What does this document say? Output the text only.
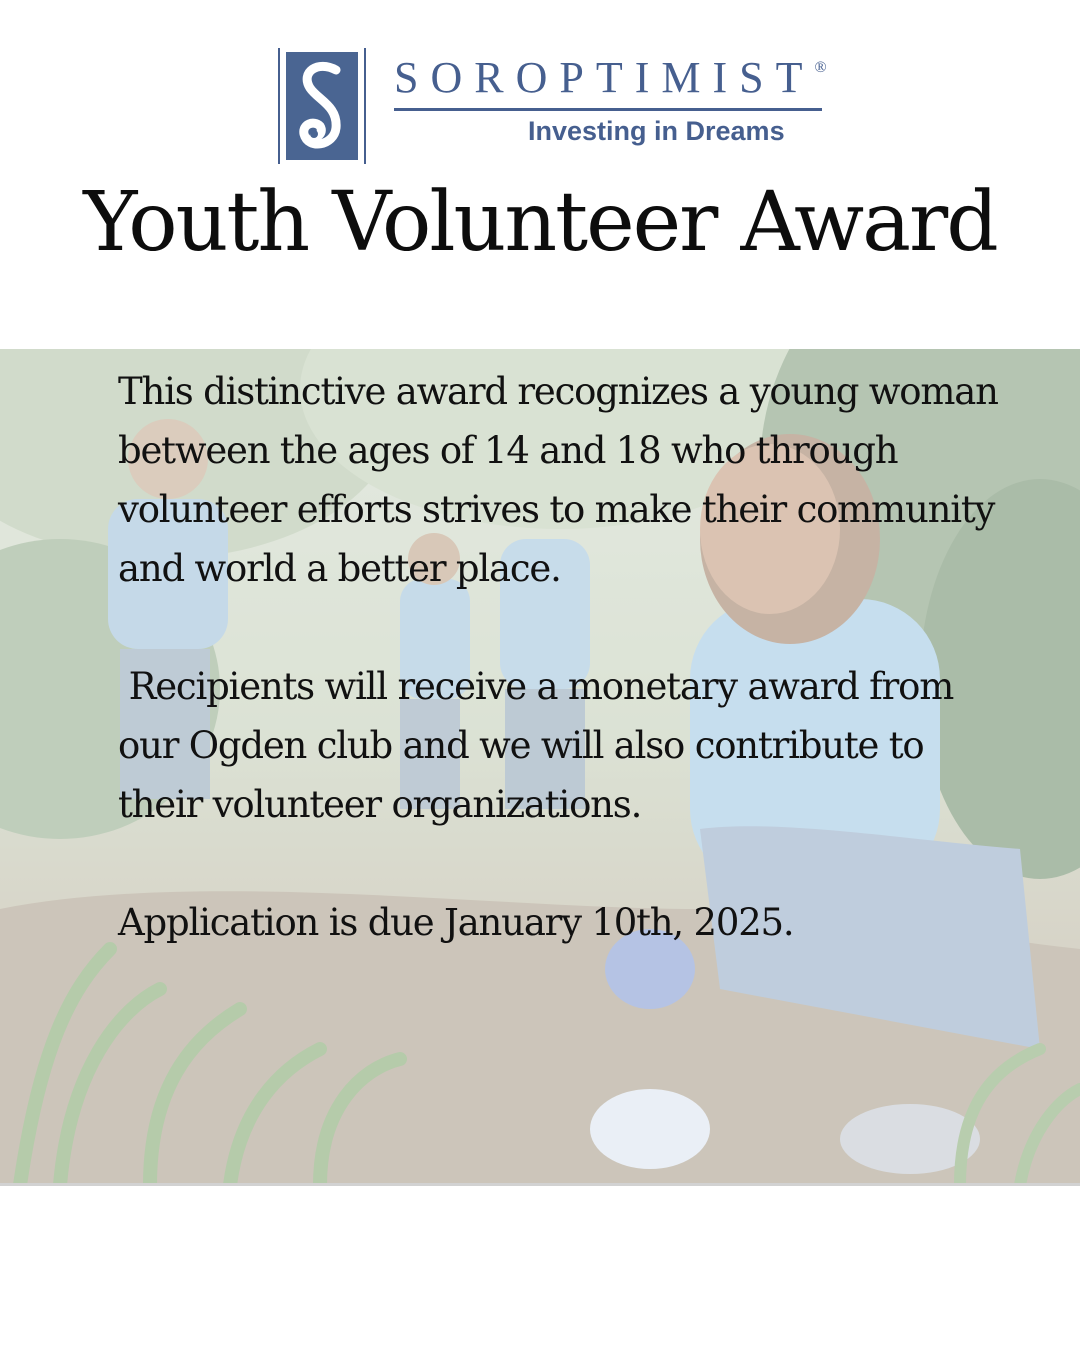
SOROPTIMIST®
Investing in Dreams
Youth Volunteer Award

This distinctive award recognizes a young woman between the ages of 14 and 18 who through volunteer efforts strives to make their community and world a better place.

Recipients will receive a monetary award from our Ogden club and we will also contribute to their volunteer organizations.

Application is due January 10th, 2025.
